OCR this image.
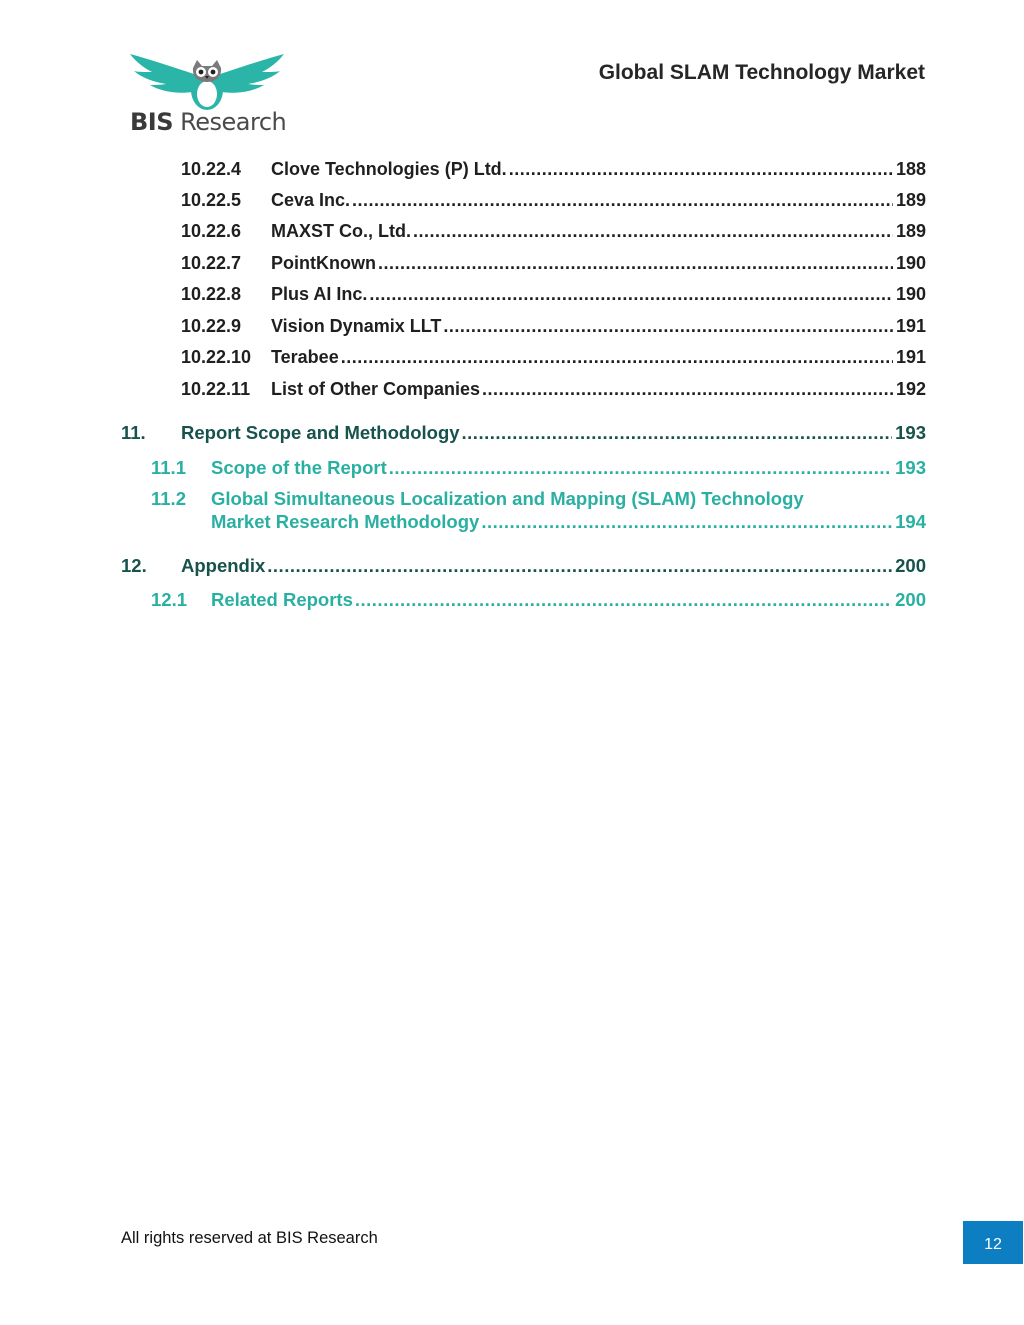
BIS Research
Global SLAM Technology Market
10.22.4	Clove Technologies (P) Ltd. .....	188
10.22.5	Ceva Inc. .....	189
10.22.6	MAXST Co., Ltd. .....	189
10.22.7	PointKnown .....	190
10.22.8	Plus AI Inc. .....	190
10.22.9	Vision Dynamix LLT .....	191
10.22.10	Terabee .....	191
10.22.11	List of Other Companies .....	192
11.	Report Scope and Methodology .....	193
11.1	Scope of the Report .....	193
11.2 Global Simultaneous Localization and Mapping (SLAM) Technology
Market Research Methodology .....	194
12.	Appendix .....	200
12.1	Related Reports .....	200
All rights reserved at BIS Research	12
